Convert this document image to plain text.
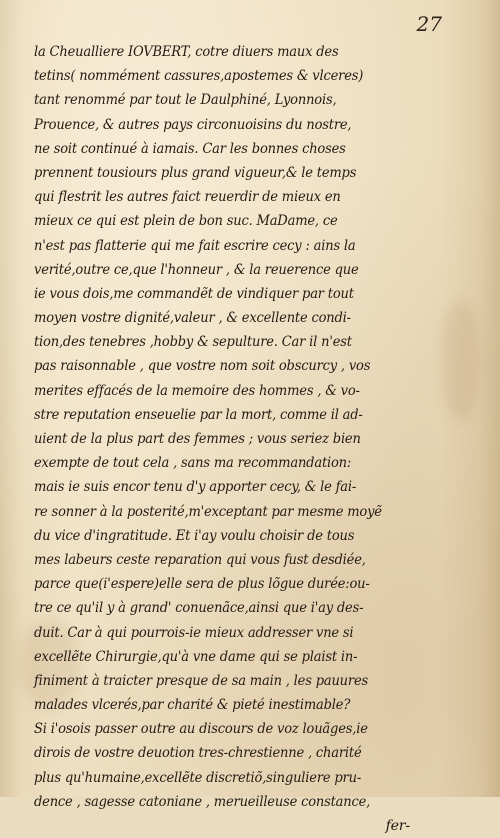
27
la Cheuallierе IOVBERT, cotre diuers maux des
tetins( nommément cassures,apostemes & vlceres)
tant renommé par tout le Daulphiné, Lyonnois,
Prouence, & autres pays circonuoisins du nostre,
ne soit continué à iamais. Car les bonnes choses
prennent tousiours plus grand vigueur,& le temps
qui flestrit les autres faict reuerdir de mieux en
mieux ce qui est plein de bon suc. MaDame, ce
n'est pas flatterie qui me fait escrire cecy : ains la
verité,outre ce,que l'honneur , & la reuerence que
ie vous dois,me commandẽt de vindiquer par tout
moyen vostre dignité,valeur , & excellente condi-
tion,des tenebres ,hobby & sepulture. Car il n'est
pas raisonnable , que vostre nom soit obscurcy , vos
merites effacés de la memoire des hommes , & vo-
stre reputation enseuelie par la mort, comme il ad-
uient de la plus part des femmes ; vous seriez bien
exempte de tout cela , sans ma recommandation:
mais ie suis encor tenu d'y apporter cecy, & le fai-
re sonner à la posterité,m'exceptant par mesme moyẽ
du vice d'ingratitude. Et i'ay voulu choisir de tous
mes labeurs ceste reparation qui vous fust desdiée,
parce que(i'espere)elle sera de plus lõgue durée:ou-
tre ce qu'il y à grand' conuenãce,ainsi que i'ay des-
duit. Car à qui pourrois-ie mieux addresser vne si
excellẽte Chirurgie,qu'à vne dame qui se plaist in-
finiment à traicter presque de sa main , les pauures
malades vlcerés,par charité & pieté inestimable?
Si i'osois passer outre au discours de voz louãges,ie
dirois de vostre deuotion tres-chrestienne , charité
plus qu'humaine,excellẽte discretiõ,singuliere pru-
dence , sagesse catoniane , merueilleuse constance,
fer-
